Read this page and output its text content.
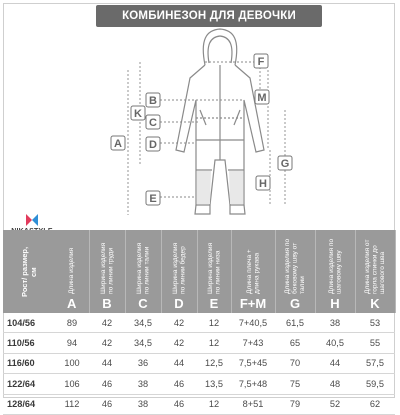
КОМБИНЕЗОН ДЛЯ ДЕВОЧКИ
A
B
C
D
E
F
G
H
K
M
Рост/ размер, см	Длина изделия	Ширина изделия по линии груди	Ширина изделия по линии талии	Ширина изделия по линии бедер	Ширина изделия по линии низа	Длина плеча + длина рукава	Длина изделия по боковому шву от талии	Длина изделия по шаговому шву	Длина изделия от горла спинки до шагового шва

	A	B	C	D	E	F+M	G	H	K
104/56	89	42	34,5	42	12	7+40,5	61,5	38	53
110/56	94	42	34,5	42	12	7+43	65	40,5	55
116/60	100	44	36	44	12,5	7,5+45	70	44	57,5
122/64	106	46	38	46	13,5	7,5+48	75	48	59,5
128/64	112	46	38	46	12	8+51	79	52	62
